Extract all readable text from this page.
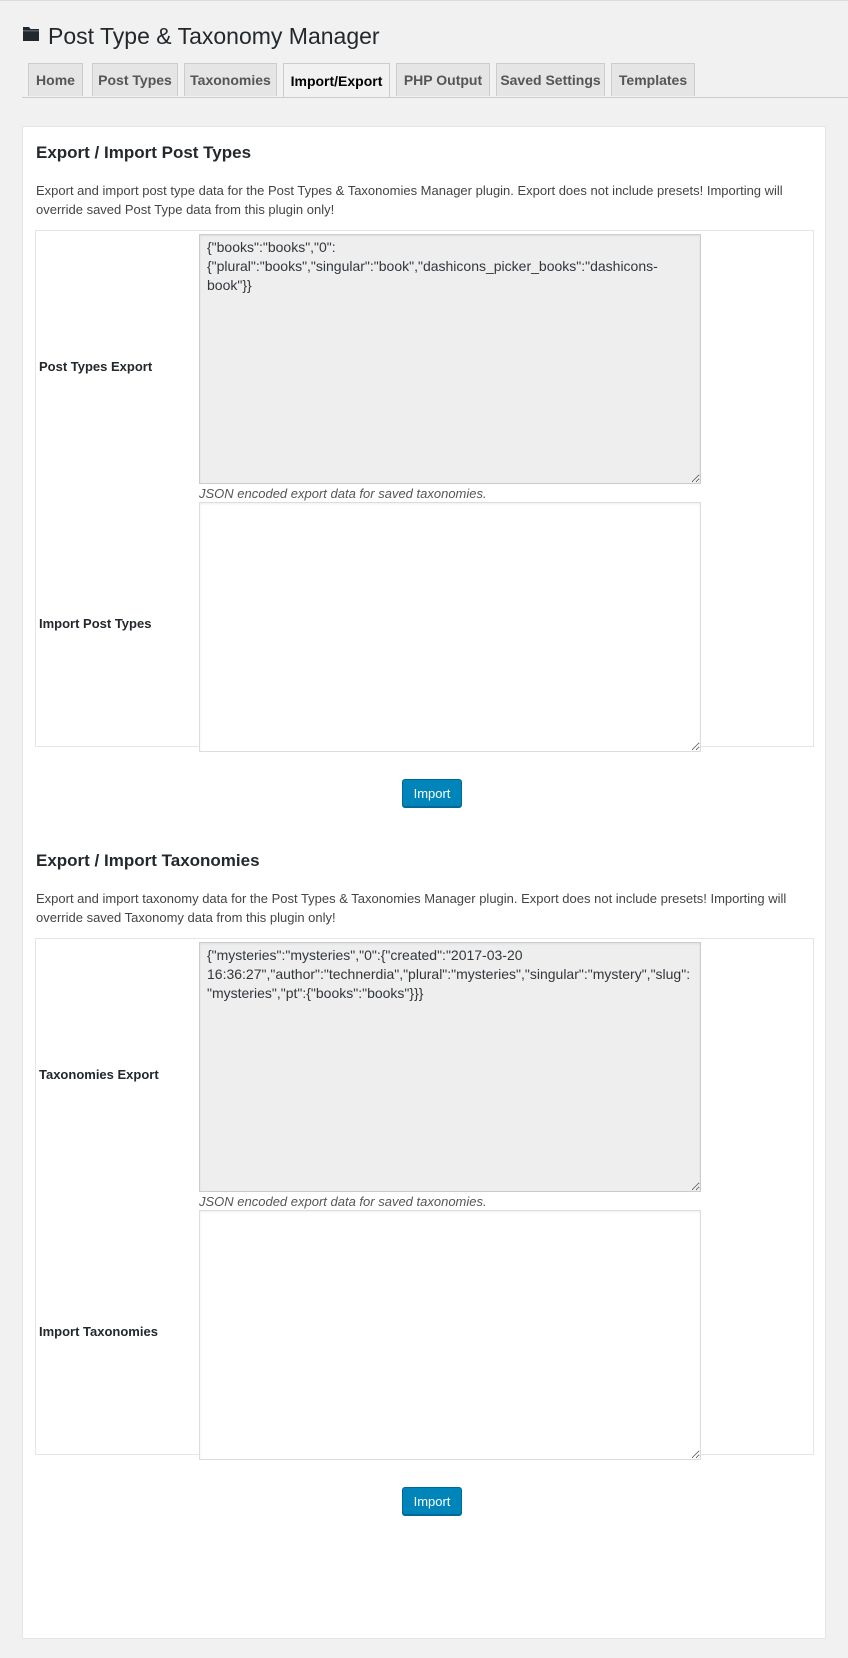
Post Type & Taxonomy Manager
Home	Post Types	Taxonomies	Import/Export	PHP Output	Saved Settings	Templates
Export / Import Post Types

Export and import post type data for the Post Types & Taxonomies Manager plugin. Export does not include presets! Importing will override saved Post Type data from this plugin only!

Post Types Export
{"books":"books","0":{"plural":"books","singular":"book","dashicons_picker_books":"dashicons-book"}}
JSON encoded export data for saved taxonomies.
Import Post Types
Import
Export / Import Taxonomies

Export and import taxonomy data for the Post Types & Taxonomies Manager plugin. Export does not include presets! Importing will override saved Taxonomy data from this plugin only!

Taxonomies Export
{"mysteries":"mysteries","0":{"created":"2017-03-20 16:36:27","author":"technerdia","plural":"mysteries","singular":"mystery","slug":"mysteries","pt":{"books":"books"}}}
JSON encoded export data for saved taxonomies.
Import Taxonomies
Import
